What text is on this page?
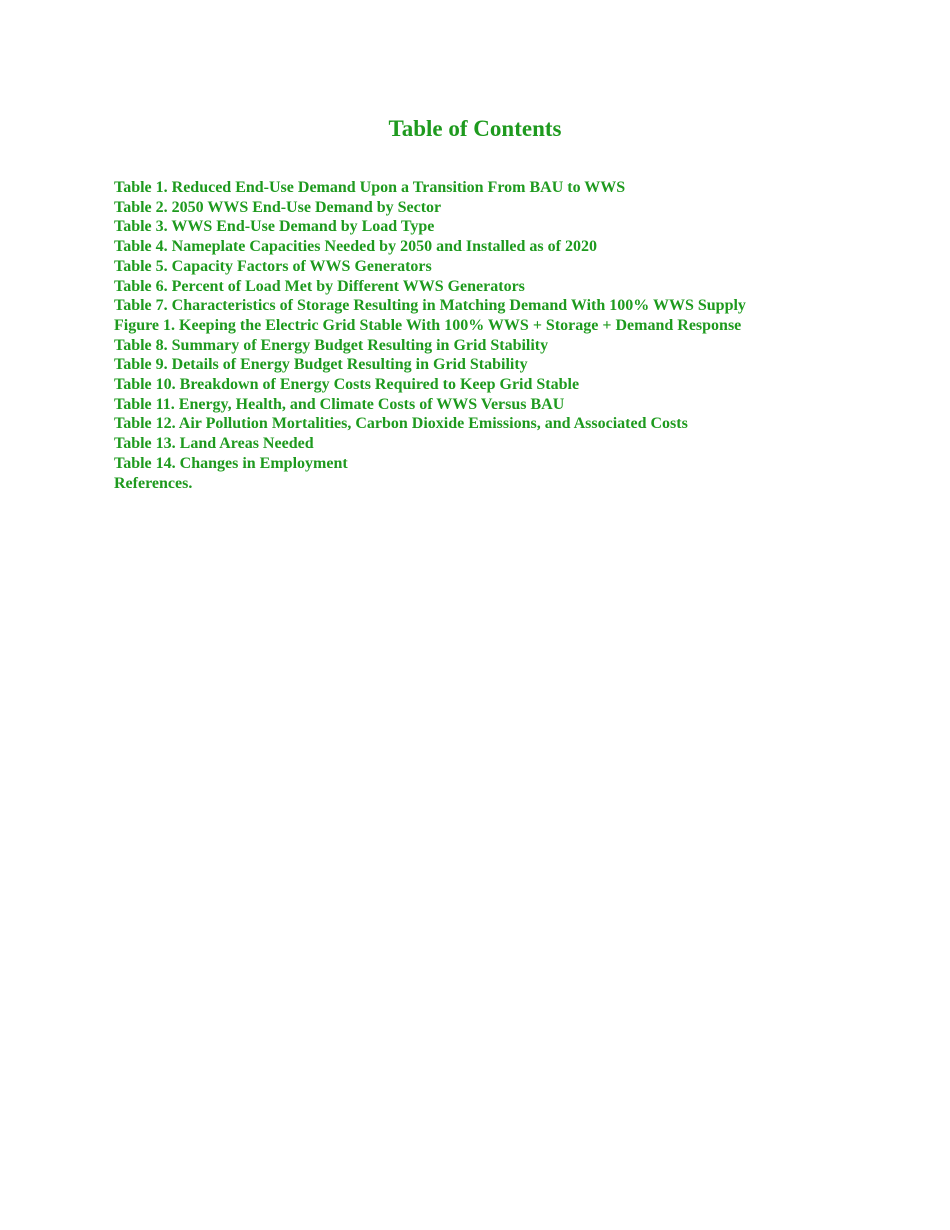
Table of Contents
Table 1. Reduced End-Use Demand Upon a Transition From BAU to WWS
Table 2. 2050 WWS End-Use Demand by Sector
Table 3. WWS End-Use Demand by Load Type
Table 4. Nameplate Capacities Needed by 2050 and Installed as of 2020
Table 5. Capacity Factors of WWS Generators
Table 6. Percent of Load Met by Different WWS Generators
Table 7. Characteristics of Storage Resulting in Matching Demand With 100% WWS Supply
Figure 1. Keeping the Electric Grid Stable With 100% WWS + Storage + Demand Response
Table 8. Summary of Energy Budget Resulting in Grid Stability
Table 9. Details of Energy Budget Resulting in Grid Stability
Table 10. Breakdown of Energy Costs Required to Keep Grid Stable
Table 11. Energy, Health, and Climate Costs of WWS Versus BAU
Table 12. Air Pollution Mortalities, Carbon Dioxide Emissions, and Associated Costs
Table 13. Land Areas Needed
Table 14. Changes in Employment
References.
